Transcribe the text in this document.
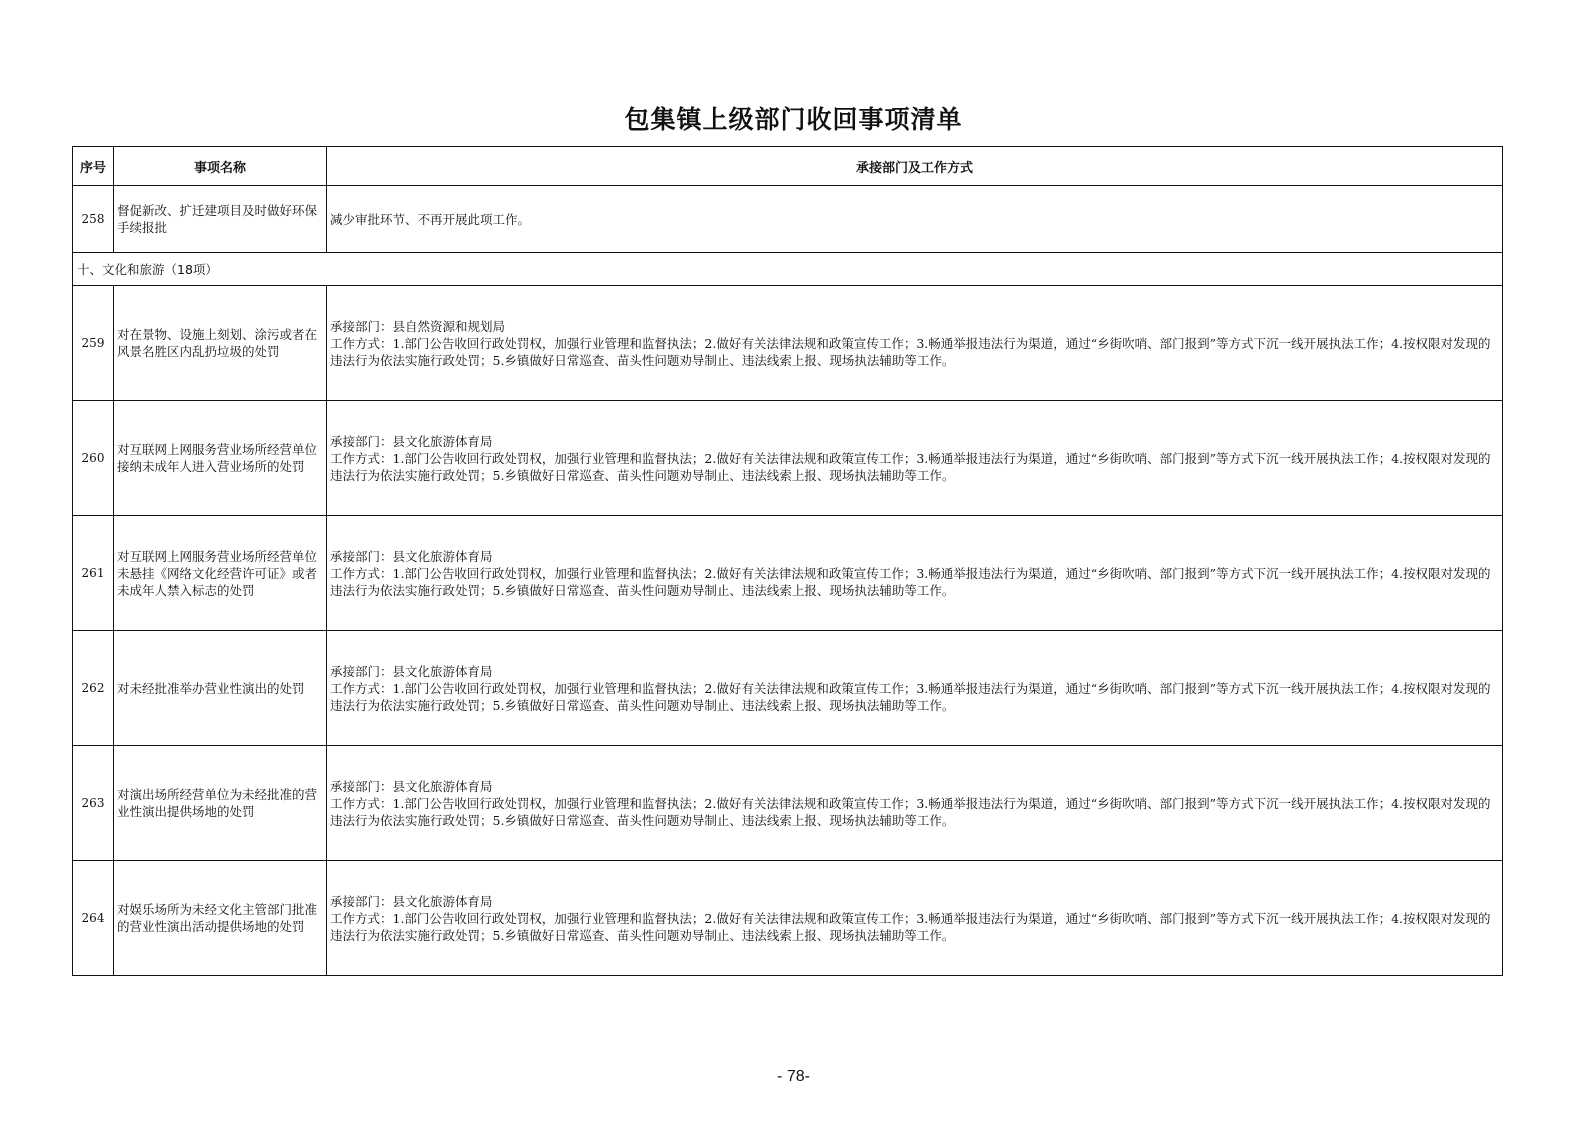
包集镇上级部门收回事项清单
序号	事项名称	承接部门及工作方式
258	督促新改、扩迁建项目及时做好环保手续报批	减少审批环节、不再开展此项工作。
十、文化和旅游（18项）		
259	对在景物、设施上刻划、涂污或者在风景名胜区内乱扔垃圾的处罚	承接部门：县自然资源和规划局
工作方式：1.部门公告收回行政处罚权，加强行业管理和监督执法；2.做好有关法律法规和政策宣传工作；3.畅通举报违法行为渠道，通过“乡街吹哨、部门报到”等方式下沉一线开展执法工作；4.按权限对发现的违法行为依法实施行政处罚；5.乡镇做好日常巡查、苗头性问题劝导制止、违法线索上报、现场执法辅助等工作。

260	对互联网上网服务营业场所经营单位接纳未成年人进入营业场所的处罚	承接部门：县文化旅游体育局
工作方式：1.部门公告收回行政处罚权，加强行业管理和监督执法；2.做好有关法律法规和政策宣传工作；3.畅通举报违法行为渠道，通过“乡街吹哨、部门报到”等方式下沉一线开展执法工作；4.按权限对发现的违法行为依法实施行政处罚；5.乡镇做好日常巡查、苗头性问题劝导制止、违法线索上报、现场执法辅助等工作。

261	对互联网上网服务营业场所经营单位未悬挂《网络文化经营许可证》或者未成年人禁入标志的处罚	承接部门：县文化旅游体育局
工作方式：1.部门公告收回行政处罚权，加强行业管理和监督执法；2.做好有关法律法规和政策宣传工作；3.畅通举报违法行为渠道，通过“乡街吹哨、部门报到”等方式下沉一线开展执法工作；4.按权限对发现的违法行为依法实施行政处罚；5.乡镇做好日常巡查、苗头性问题劝导制止、违法线索上报、现场执法辅助等工作。

262	对未经批准举办营业性演出的处罚	承接部门：县文化旅游体育局
工作方式：1.部门公告收回行政处罚权，加强行业管理和监督执法；2.做好有关法律法规和政策宣传工作；3.畅通举报违法行为渠道，通过“乡街吹哨、部门报到”等方式下沉一线开展执法工作；4.按权限对发现的违法行为依法实施行政处罚；5.乡镇做好日常巡查、苗头性问题劝导制止、违法线索上报、现场执法辅助等工作。

263	对演出场所经营单位为未经批准的营业性演出提供场地的处罚	承接部门：县文化旅游体育局
工作方式：1.部门公告收回行政处罚权，加强行业管理和监督执法；2.做好有关法律法规和政策宣传工作；3.畅通举报违法行为渠道，通过“乡街吹哨、部门报到”等方式下沉一线开展执法工作；4.按权限对发现的违法行为依法实施行政处罚；5.乡镇做好日常巡查、苗头性问题劝导制止、违法线索上报、现场执法辅助等工作。

264	对娱乐场所为未经文化主管部门批准的营业性演出活动提供场地的处罚	承接部门：县文化旅游体育局
工作方式：1.部门公告收回行政处罚权，加强行业管理和监督执法；2.做好有关法律法规和政策宣传工作；3.畅通举报违法行为渠道，通过“乡街吹哨、部门报到”等方式下沉一线开展执法工作；4.按权限对发现的违法行为依法实施行政处罚；5.乡镇做好日常巡查、苗头性问题劝导制止、违法线索上报、现场执法辅助等工作。
- 78-
